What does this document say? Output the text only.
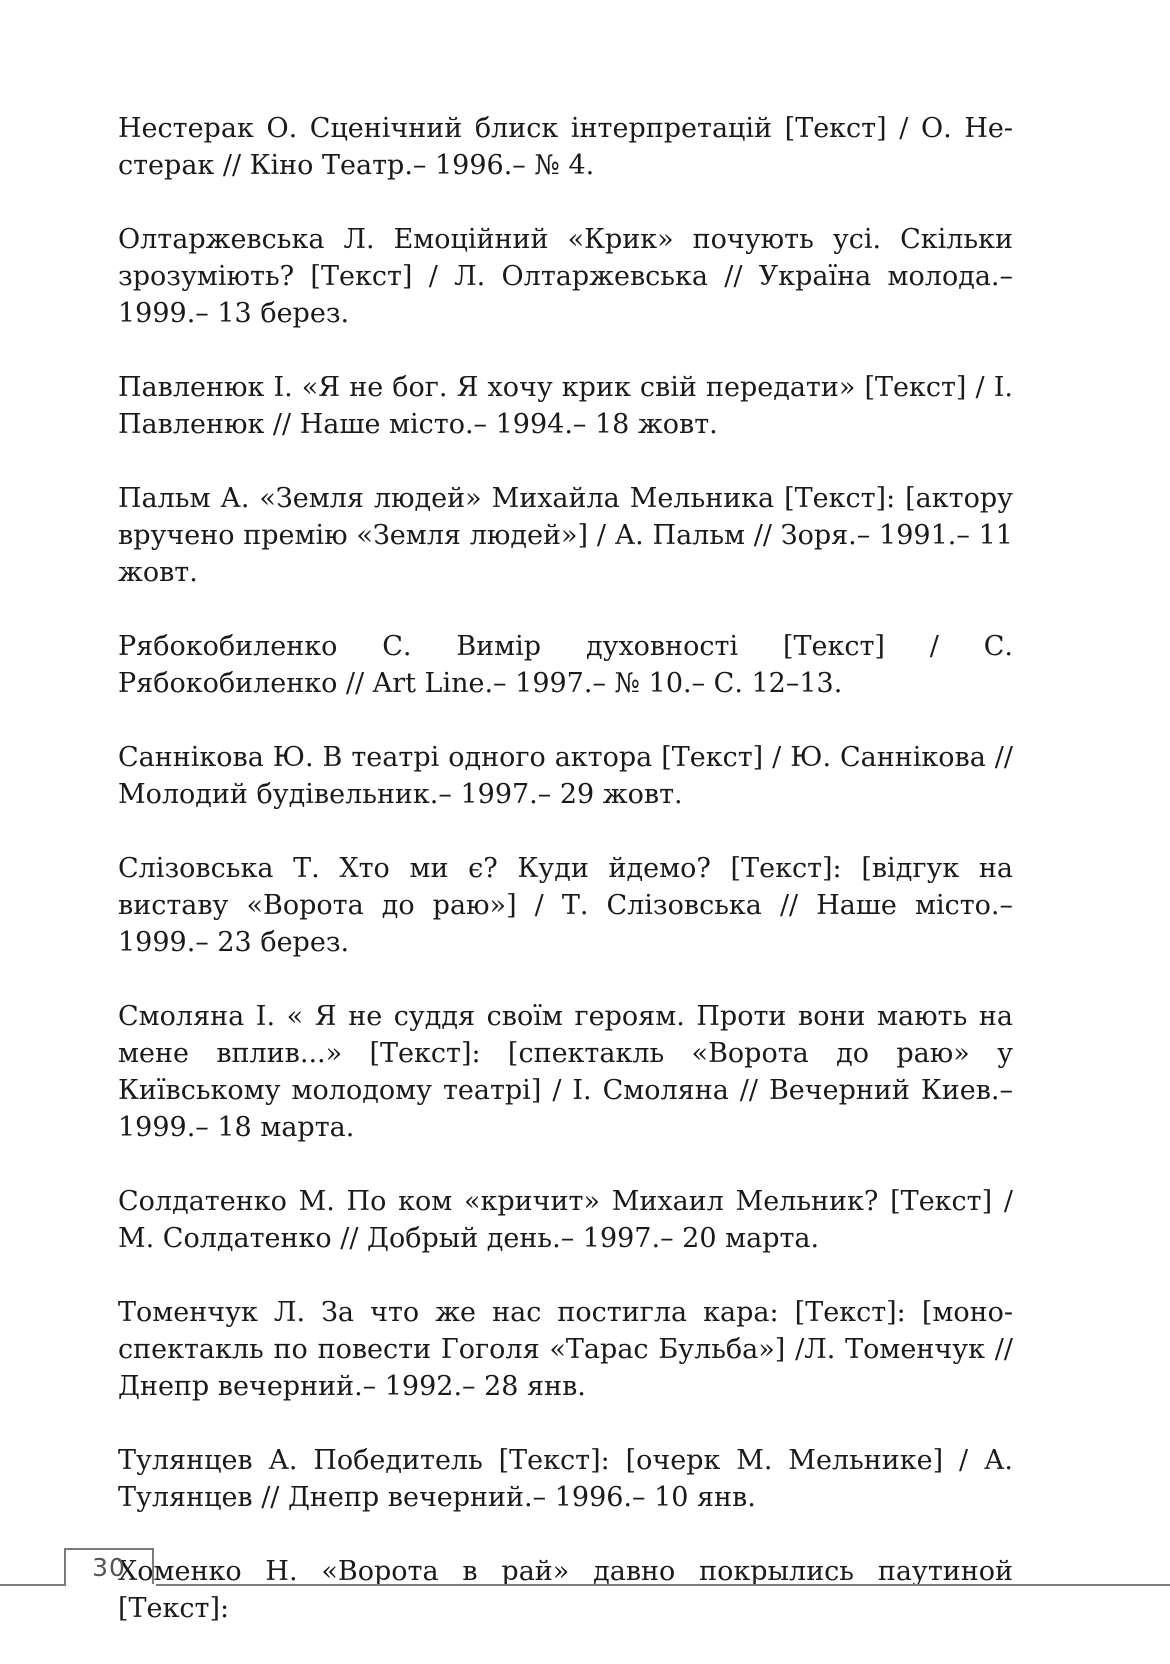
Нестерак О. Сценічний блиск інтерпретацій [Текст] / О. Нестерак // Кіно Театр.– 1996.– № 4.

Олтаржевська Л. Емоційний «Крик» почують усі. Скільки зрозуміють? [Текст] / Л. Олтаржевська // Україна молода.– 1999.– 13 берез.

Павленюк І. «Я не бог. Я хочу крик свій передати» [Текст] / І. Павленюк // Наше місто.– 1994.– 18 жовт.

Пальм А. «Земля людей» Михайла Мельника [Текст]: [актору вручено премію «Земля людей»] / А. Пальм // Зоря.– 1991.– 11 жовт.

Рябокобиленко С. Вимір духовності [Текст] / С. Рябокобиленко // Art Line.– 1997.– № 10.– С. 12–13.

Саннікова Ю. В театрі одного актора [Текст] / Ю. Саннікова // Молодий будівельник.– 1997.– 29 жовт.

Слізовська Т. Хто ми є? Куди йдемо? [Текст]: [відгук на виставу «Ворота до раю»] / Т. Слізовська // Наше місто.– 1999.– 23 берез.

Смоляна І. « Я не суддя своїм героям. Проти вони мають на мене вплив...» [Текст]: [спектакль «Ворота до раю» у Київському молодому театрі] / І. Смоляна // Вечерний Киев.– 1999.– 18 марта.

Солдатенко М. По ком «кричит» Михаил Мельник? [Текст] / М. Солдатенко // Добрый день.– 1997.– 20 марта.

Томенчук Л. За что же нас постигла кара: [Текст]: [моноспектакль по повести Гоголя «Тарас Бульба»] /Л. Томенчук // Днепр вечерний.– 1992.– 28 янв.

Тулянцев А. Победитель [Текст]: [очерк М. Мельнике] / А. Тулянцев // Днепр вечерний.– 1996.– 10 янв.

Хоменко Н. «Ворота в рай» давно покрылись паутиной [Текст]:

30
